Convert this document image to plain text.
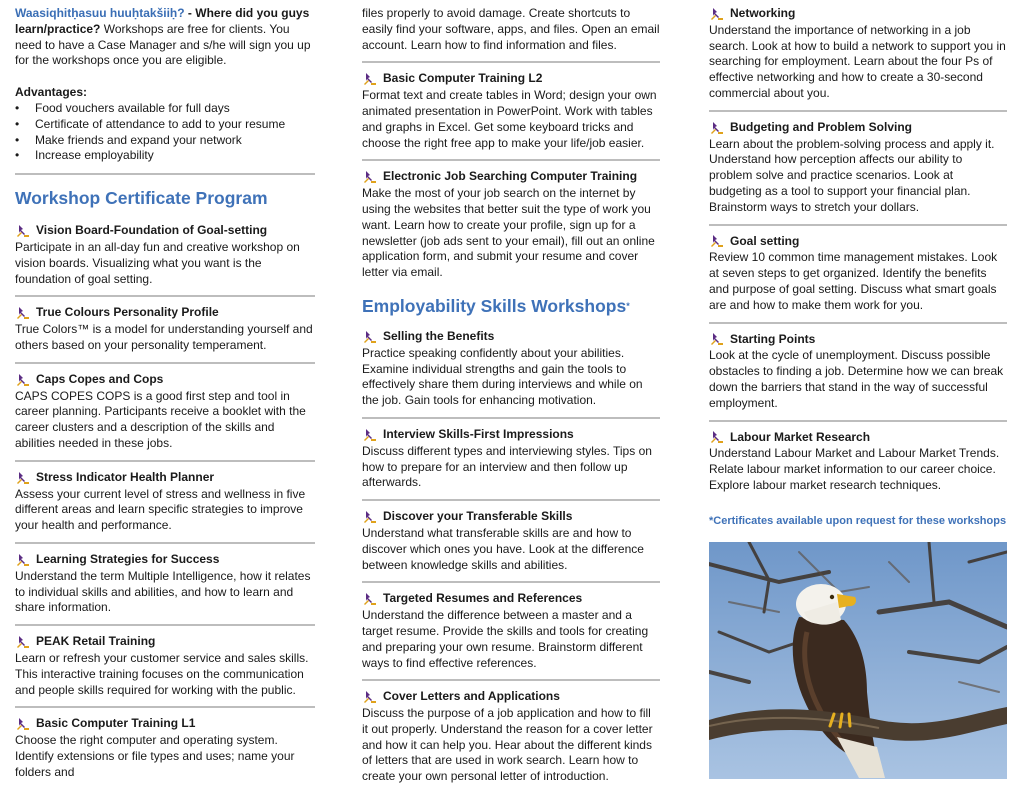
Waasiqhitḥasuu huuḥtakšiiḥ? - Where did you guys learn/practice? Workshops are free for clients. You need to have a Case Manager and s/he will sign you up for the workshops once you are eligible.
Advantages:
• Food vouchers available for full days
• Certificate of attendance to add to your resume
• Make friends and expand your network
• Increase employability
Workshop Certificate Program
Vision Board-Foundation of Goal-setting
Participate in an all-day fun and creative workshop on vision boards. Visualizing what you want is the foundation of goal setting.
True Colours Personality Profile
True Colors™ is a model for understanding yourself and others based on your personality temperament.
Caps Copes and Cops
CAPS COPES COPS is a good first step and tool in career planning. Participants receive a booklet with the career clusters and a description of the skills and abilities needed in these jobs.
Stress Indicator Health Planner
Assess your current level of stress and wellness in five different areas and learn specific strategies to improve your health and performance.
Learning Strategies for Success
Understand the term Multiple Intelligence, how it relates to individual skills and abilities, and how to learn and share information.
PEAK Retail Training
Learn or refresh your customer service and sales skills. This interactive training focuses on the communication and people skills required for working with the public.
Basic Computer Training L1
Choose the right computer and operating system. Identify extensions or file types and uses; name your folders and
files properly to avoid damage. Create shortcuts to easily find your software, apps, and files. Open an email account. Learn how to find information and files.
Basic Computer Training L2
Format text and create tables in Word; design your own animated presentation in PowerPoint. Work with tables and graphs in Excel. Get some keyboard tricks and choose the right free app to make your life/job easier.
Electronic Job Searching Computer Training
Make the most of your job search on the internet by using the websites that better suit the type of work you want. Learn how to create your profile, sign up for a newsletter (job ads sent to your email), fill out an online application form, and submit your resume and cover letter via email.
Employability Skills Workshops*
Selling the Benefits
Practice speaking confidently about your abilities. Examine individual strengths and gain the tools to effectively share them during interviews and while on the job. Gain tools for enhancing motivation.
Interview Skills-First Impressions
Discuss different types and interviewing styles. Tips on how to prepare for an interview and then follow up afterwards.
Discover your Transferable Skills
Understand what transferable skills are and how to discover which ones you have. Look at the difference between knowledge skills and abilities.
Targeted Resumes and References
Understand the difference between a master and a target resume. Provide the skills and tools for creating and preparing your own resume. Brainstorm different ways to find effective references.
Cover Letters and Applications
Discuss the purpose of a job application and how to fill it out properly. Understand the reason for a cover letter and how it can help you. Hear about the different kinds of letters that are used in work search. Learn how to create your own personal letter of introduction.
Networking
Understand the importance of networking in a job search. Look at how to build a network to support you in searching for employment. Learn about the four Ps of effective networking and how to create a 30-second commercial about you.
Budgeting and Problem Solving
Learn about the problem-solving process and apply it. Understand how perception affects our ability to problem solve and practice scenarios. Look at budgeting as a tool to support your financial plan. Brainstorm ways to stretch your dollars.
Goal setting
Review 10 common time management mistakes. Look at seven steps to get organized. Identify the benefits and purpose of goal setting. Discuss what smart goals are and how to make them work for you.
Starting Points
Look at the cycle of unemployment. Discuss possible obstacles to finding a job. Determine how we can break down the barriers that stand in the way of successful employment.
Labour Market Research
Understand Labour Market and Labour Market Trends. Relate labour market information to our career choice. Explore labour market research techniques.
*Certificates available upon request for these workshops
